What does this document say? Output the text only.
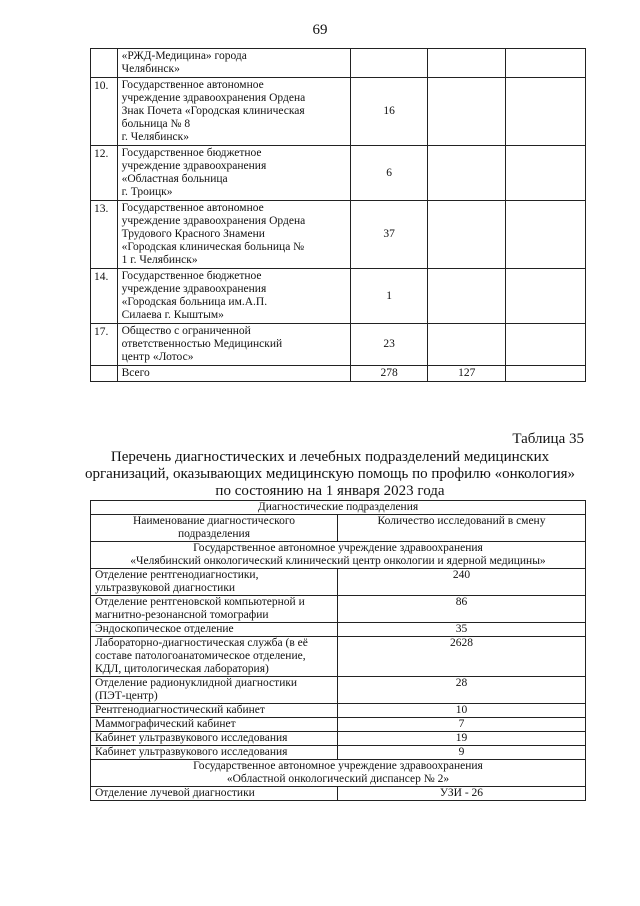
69

	«РЖД-Медицина» города
Челябинск»			

10.	Государственное автономное
учреждение здравоохранения Ордена
Знак Почета «Городская клиническая
больница № 8
г. Челябинск»	16		
12.	Государственное бюджетное
учреждение здравоохранения
«Областная больница
г. Троицк»	6		
13.	Государственное автономное
учреждение здравоохранения Ордена
Трудового Красного Знамени
«Городская клиническая больница №
1 г. Челябинск»	37		
14.	Государственное бюджетное
учреждение здравоохранения
«Городская больница им.А.П.
Силаева г. Кыштым»	1		
17.	Общество с ограниченной
ответственностью Медицинский
центр «Лотос»	23		

	Всего	278	127	
Таблица 35
Перечень диагностических и лечебных подразделений медицинских
организаций, оказывающих медицинскую помощь по профилю «онкология»
по состоянию на 1 января 2023 года
Диагностические подразделения	

Наименование диагностического
подразделения	Количество исследований в смену

Государственное автономное учреждение здравоохранения
«Челябинский онкологический клинический центр онкологии и ядерной медицины»	

Отделение рентгенодиагностики,
ультразвуковой диагностики	240

Отделение рентгеновской компьютерной и
магнитно-резонансной томографии	86

Эндоскопическое отделение	35

Лабораторно-диагностическая служба (в её
составе патологоанатомическое отделение,
КДЛ, цитологическая лаборатория)	2628

Отделение радионуклидной диагностики
(ПЭТ-центр)	28

Рентгенодиагностический кабинет	10

Маммографический кабинет	7

Кабинет ультразвукового исследования	19

Кабинет ультразвукового исследования	9

Государственное автономное учреждение здравоохранения
«Областной онкологический диспансер № 2»	

Отделение лучевой диагностики	УЗИ - 26
